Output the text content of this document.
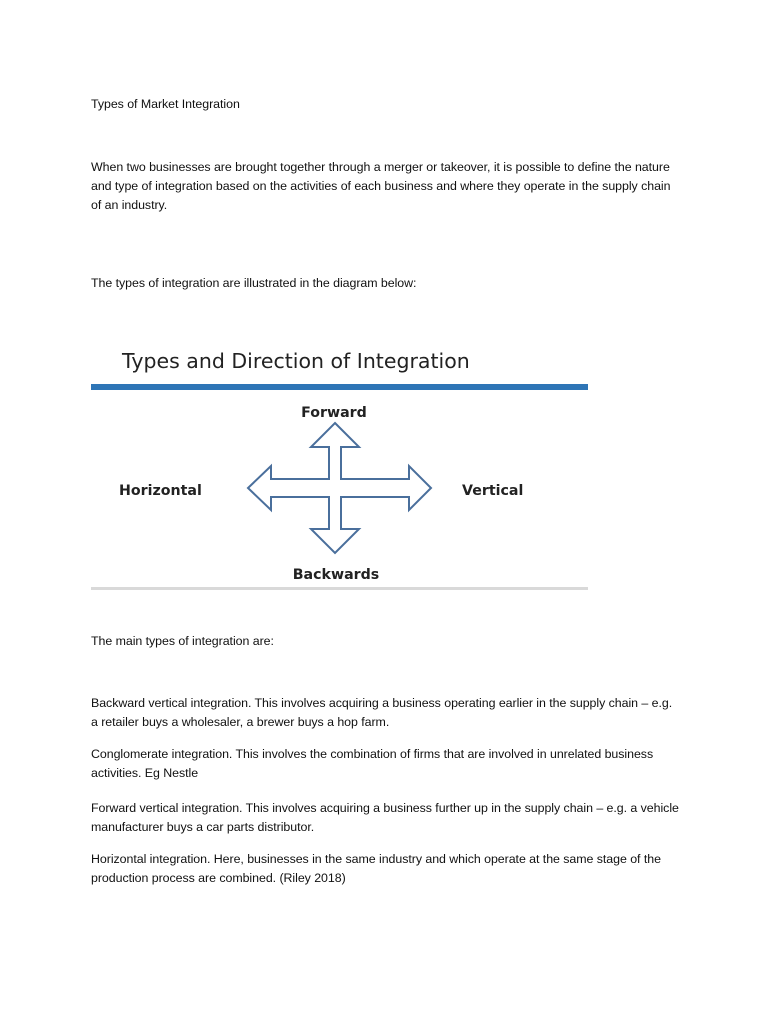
Types of Market Integration

When two businesses are brought together through a merger or takeover, it is possible to define the nature and type of integration based on the activities of each business and where they operate in the supply chain of an industry.

The types of integration are illustrated in the diagram below:

Types and Direction of Integration
Forward
Backwards
Horizontal	Vertical

The main types of integration are:

Backward vertical integration. This involves acquiring a business operating earlier in the supply chain – e.g. a retailer buys a wholesaler, a brewer buys a hop farm.

Conglomerate integration. This involves the combination of firms that are involved in unrelated business activities. Eg Nestle

Forward vertical integration. This involves acquiring a business further up in the supply chain – e.g. a vehicle manufacturer buys a car parts distributor.

Horizontal integration. Here, businesses in the same industry and which operate at the same stage of the production process are combined. (Riley 2018)
